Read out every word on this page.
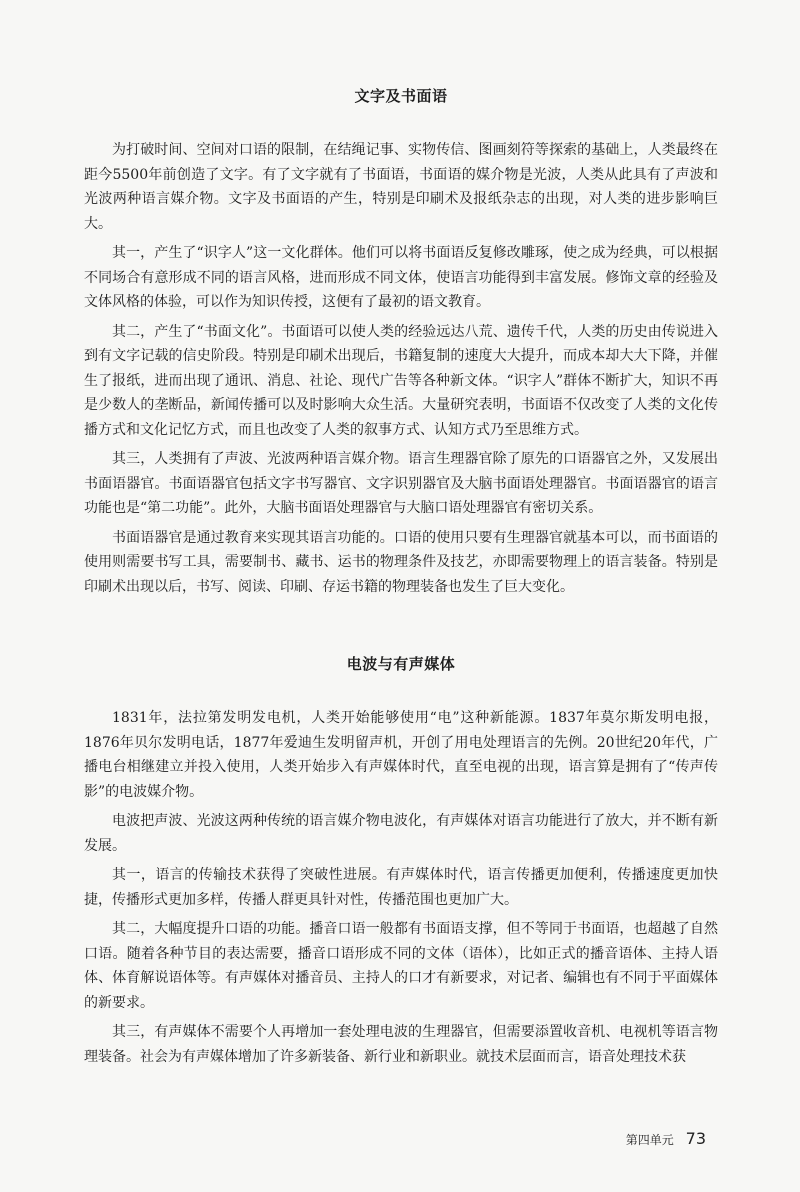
文字及书面语

为打破时间、空间对口语的限制，在结绳记事、实物传信、图画刻符等探索的基础上，人类最终在距今5500年前创造了文字。有了文字就有了书面语，书面语的媒介物是光波，人类从此具有了声波和光波两种语言媒介物。文字及书面语的产生，特别是印刷术及报纸杂志的出现，对人类的进步影响巨大。

其一，产生了“识字人”这一文化群体。他们可以将书面语反复修改雕琢，使之成为经典，可以根据不同场合有意形成不同的语言风格，进而形成不同文体，使语言功能得到丰富发展。修饰文章的经验及文体风格的体验，可以作为知识传授，这便有了最初的语文教育。

其二，产生了“书面文化”。书面语可以使人类的经验远达八荒、遗传千代，人类的历史由传说进入到有文字记载的信史阶段。特别是印刷术出现后，书籍复制的速度大大提升，而成本却大大下降，并催生了报纸，进而出现了通讯、消息、社论、现代广告等各种新文体。“识字人”群体不断扩大，知识不再是少数人的垄断品，新闻传播可以及时影响大众生活。大量研究表明，书面语不仅改变了人类的文化传播方式和文化记忆方式，而且也改变了人类的叙事方式、认知方式乃至思维方式。

其三，人类拥有了声波、光波两种语言媒介物。语言生理器官除了原先的口语器官之外，又发展出书面语器官。书面语器官包括文字书写器官、文字识别器官及大脑书面语处理器官。书面语器官的语言功能也是“第二功能”。此外，大脑书面语处理器官与大脑口语处理器官有密切关系。

书面语器官是通过教育来实现其语言功能的。口语的使用只要有生理器官就基本可以，而书面语的使用则需要书写工具，需要制书、藏书、运书的物理条件及技艺，亦即需要物理上的语言装备。特别是印刷术出现以后，书写、阅读、印刷、存运书籍的物理装备也发生了巨大变化。

电波与有声媒体

1831年，法拉第发明发电机，人类开始能够使用“电”这种新能源。1837年莫尔斯发明电报，1876年贝尔发明电话，1877年爱迪生发明留声机，开创了用电处理语言的先例。20世纪20年代，广播电台相继建立并投入使用，人类开始步入有声媒体时代，直至电视的出现，语言算是拥有了“传声传影”的电波媒介物。

电波把声波、光波这两种传统的语言媒介物电波化，有声媒体对语言功能进行了放大，并不断有新发展。

其一，语言的传输技术获得了突破性进展。有声媒体时代，语言传播更加便利，传播速度更加快捷，传播形式更加多样，传播人群更具针对性，传播范围也更加广大。

其二，大幅度提升口语的功能。播音口语一般都有书面语支撑，但不等同于书面语，也超越了自然口语。随着各种节目的表达需要，播音口语形成不同的文体（语体），比如正式的播音语体、主持人语体、体育解说语体等。有声媒体对播音员、主持人的口才有新要求，对记者、编辑也有不同于平面媒体的新要求。

其三，有声媒体不需要个人再增加一套处理电波的生理器官，但需要添置收音机、电视机等语言物理装备。社会为有声媒体增加了许多新装备、新行业和新职业。就技术层面而言，语音处理技术获

第四单元 73
